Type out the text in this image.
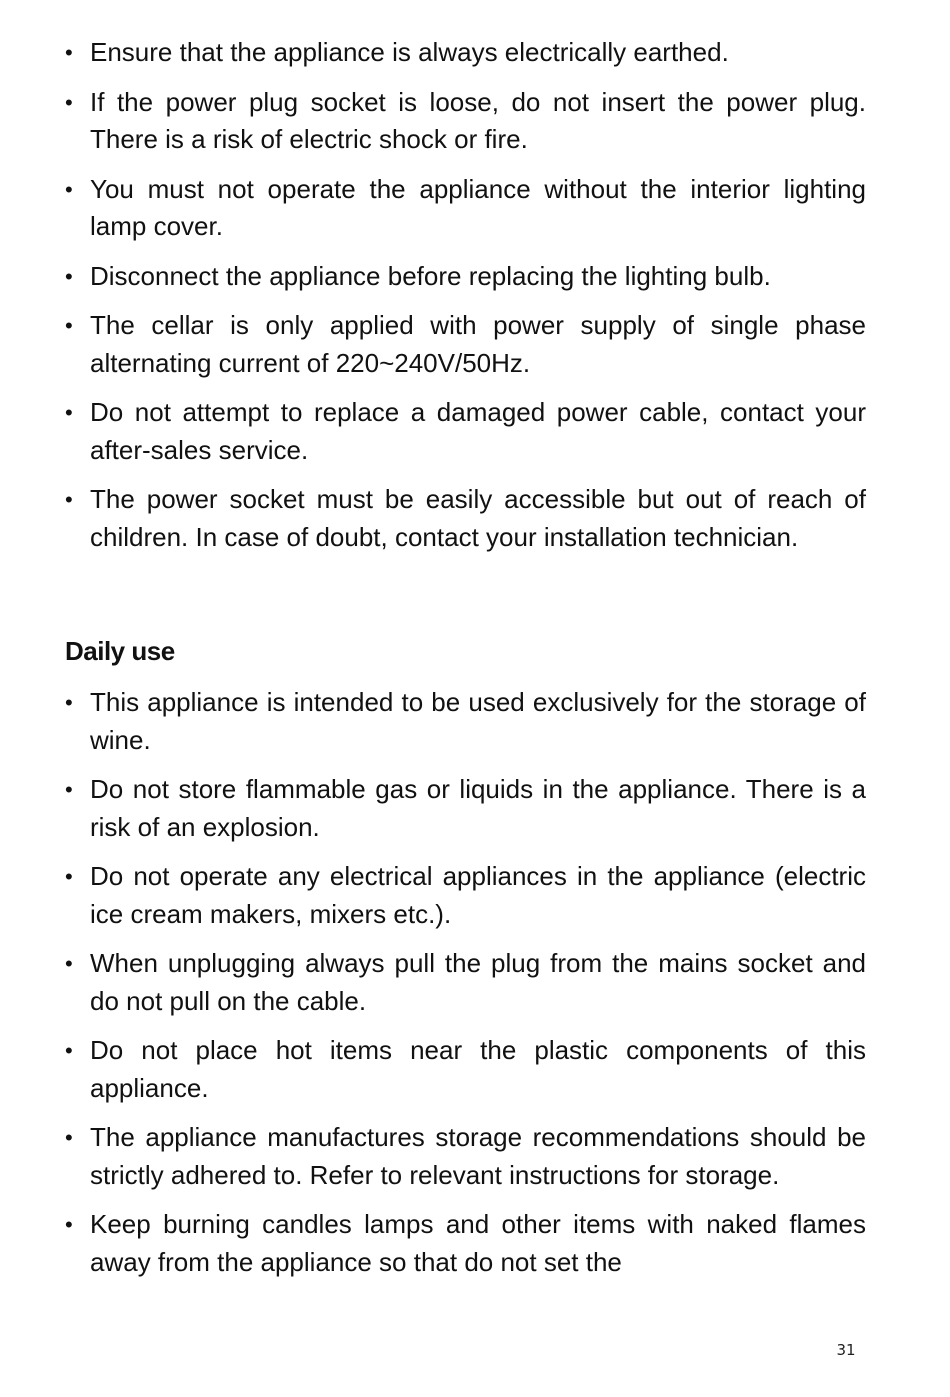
• Ensure that the appliance is always electrically earthed.
• If the power plug socket is loose, do not insert the power plug. There is a risk of electric shock or fire.
• You must not operate the appliance without the interior lighting lamp cover.
• Disconnect the appliance before replacing the lighting bulb.
• The cellar is only applied with power supply of single phase alternating current of 220~240V/50Hz.
• Do not attempt to replace a damaged power cable, contact your after-sales service.
• The power socket must be easily accessible but out of reach of children. In case of doubt, contact your installation technician.
Daily use
• This appliance is intended to be used exclusively for the storage of wine.
• Do not store flammable gas or liquids in the appliance. There is a risk of an explosion.
• Do not operate any electrical appliances in the appliance (electric ice cream makers, mixers etc.).
• When unplugging always pull the plug from the mains socket and do not pull on the cable.
• Do not place hot items near the plastic components of this appliance.
• The appliance manufactures storage recommendations should be strictly adhered to. Refer to relevant instructions for storage.
• Keep burning candles lamps and other items with naked flames away from the appliance so that do not set the
31
